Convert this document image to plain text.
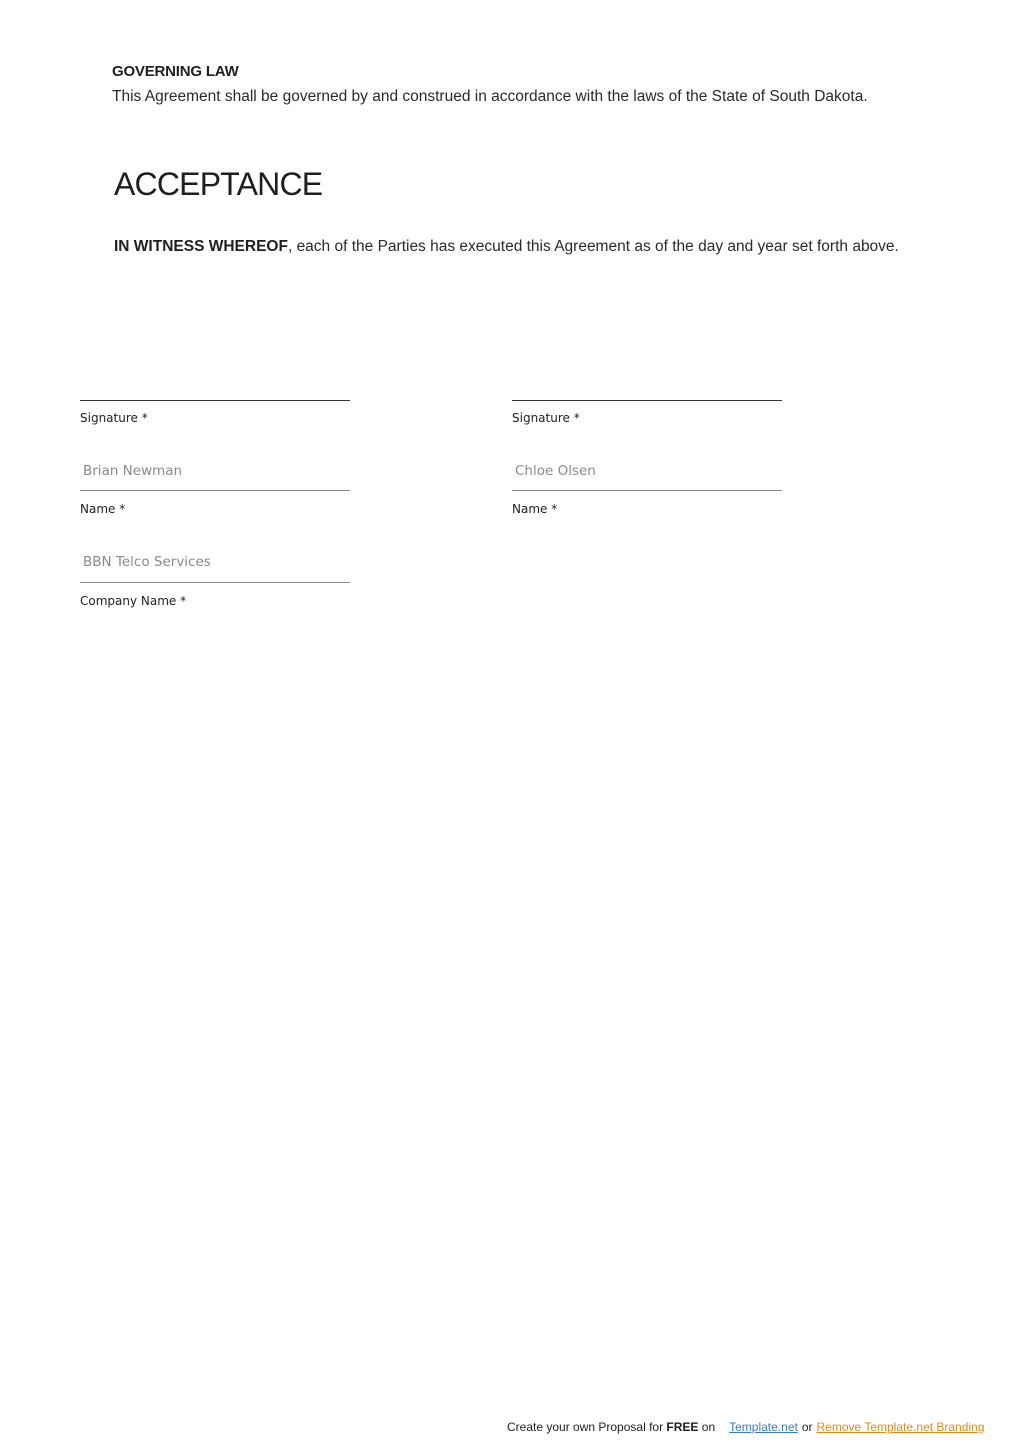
GOVERNING LAW
This Agreement shall be governed by and construed in accordance with the laws of the State of South Dakota.
ACCEPTANCE

IN WITNESS WHEREOF, each of the Parties has executed this Agreement as of the day and year set forth above.

Signature *
Brian Newman
Name *
BBN Telco Services
Company Name *
Signature *
Chloe Olsen
Name *
Create your own Proposal for FREE on Template.net or Remove Template.net Branding
